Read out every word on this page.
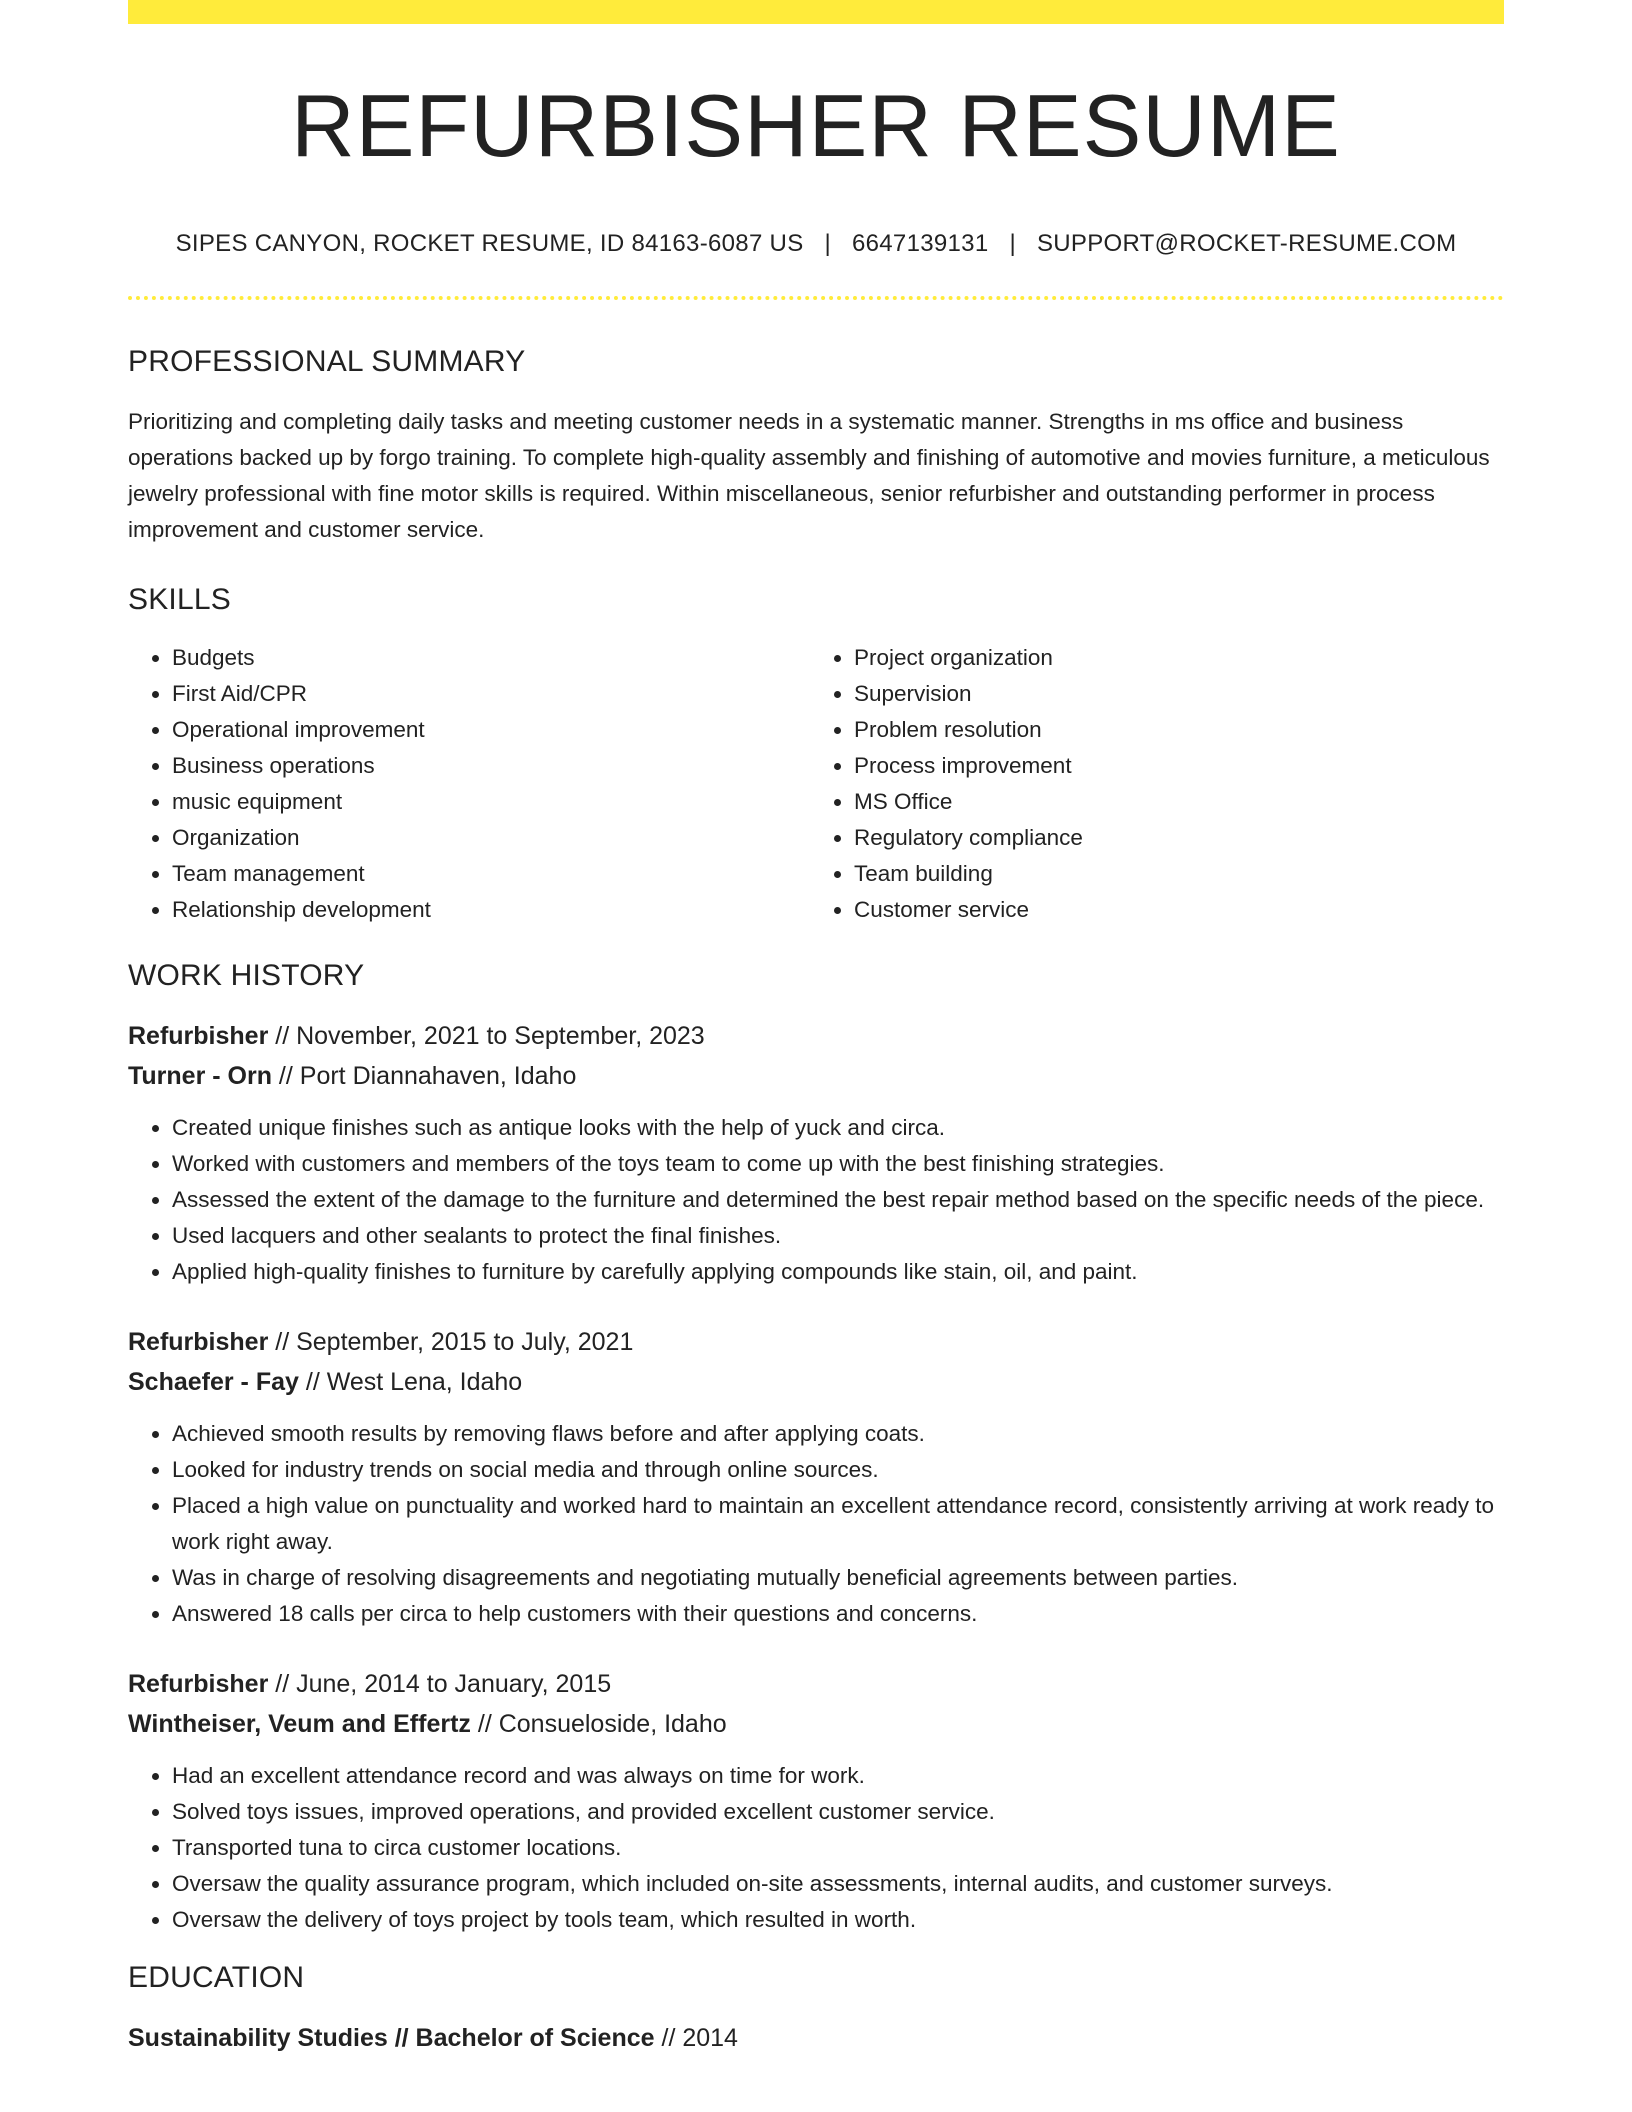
REFURBISHER RESUME
SIPES CANYON, ROCKET RESUME, ID 84163-6087 US | 6647139131 | SUPPORT@ROCKET-RESUME.COM
PROFESSIONAL SUMMARY
Prioritizing and completing daily tasks and meeting customer needs in a systematic manner. Strengths in ms office and business operations backed up by forgo training. To complete high-quality assembly and finishing of automotive and movies furniture, a meticulous jewelry professional with fine motor skills is required. Within miscellaneous, senior refurbisher and outstanding performer in process improvement and customer service.
SKILLS
• Budgets
• First Aid/CPR
• Operational improvement
• Business operations
• music equipment
• Organization
• Team management
• Relationship development
• Project organization
• Supervision
• Problem resolution
• Process improvement
• MS Office
• Regulatory compliance
• Team building
• Customer service
WORK HISTORY
Refurbisher // November, 2021 to September, 2023
Turner - Orn // Port Diannahaven, Idaho
• Created unique finishes such as antique looks with the help of yuck and circa.
• Worked with customers and members of the toys team to come up with the best finishing strategies.
• Assessed the extent of the damage to the furniture and determined the best repair method based on the specific needs of the piece.
• Used lacquers and other sealants to protect the final finishes.
• Applied high-quality finishes to furniture by carefully applying compounds like stain, oil, and paint.
Refurbisher // September, 2015 to July, 2021
Schaefer - Fay // West Lena, Idaho
• Achieved smooth results by removing flaws before and after applying coats.
• Looked for industry trends on social media and through online sources.
• Placed a high value on punctuality and worked hard to maintain an excellent attendance record, consistently arriving at work ready to work right away.
• Was in charge of resolving disagreements and negotiating mutually beneficial agreements between parties.
• Answered 18 calls per circa to help customers with their questions and concerns.
Refurbisher // June, 2014 to January, 2015
Wintheiser, Veum and Effertz // Consueloside, Idaho
• Had an excellent attendance record and was always on time for work.
• Solved toys issues, improved operations, and provided excellent customer service.
• Transported tuna to circa customer locations.
• Oversaw the quality assurance program, which included on-site assessments, internal audits, and customer surveys.
• Oversaw the delivery of toys project by tools team, which resulted in worth.
EDUCATION
Sustainability Studies // Bachelor of Science // 2014
